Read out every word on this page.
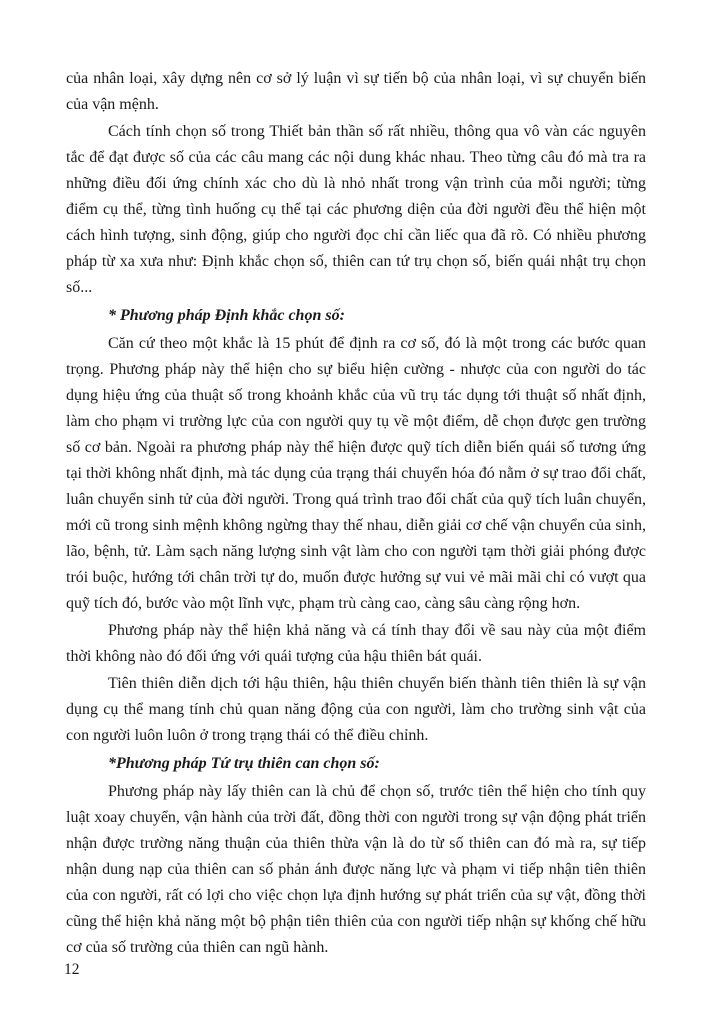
của nhân loại, xây dựng nên cơ sở lý luận vì sự tiến bộ của nhân loại, vì sự chuyển biến của vận mệnh.

Cách tính chọn số trong Thiết bản thần số rất nhiều, thông qua vô vàn các nguyên tắc để đạt được số của các câu mang các nội dung khác nhau. Theo từng câu đó mà tra ra những điều đối ứng chính xác cho dù là nhỏ nhất trong vận trình của mỗi người; từng điểm cụ thể, từng tình huống cụ thể tại các phương diện của đời người đều thể hiện một cách hình tượng, sinh động, giúp cho người đọc chỉ cần liếc qua đã rõ. Có nhiều phương pháp từ xa xưa như: Định khắc chọn số, thiên can tứ trụ chọn số, biến quái nhật trụ chọn số...

* Phương pháp Định khắc chọn số:

Căn cứ theo một khắc là 15 phút để định ra cơ số, đó là một trong các bước quan trọng. Phương pháp này thể hiện cho sự biểu hiện cường - nhược của con người do tác dụng hiệu ứng của thuật số trong khoảnh khắc của vũ trụ tác dụng tới thuật số nhất định, làm cho phạm vi trường lực của con người quy tụ về một điểm, dễ chọn được gen trường số cơ bản. Ngoài ra phương pháp này thể hiện được quỹ tích diễn biến quái số tương ứng tại thời không nhất định, mà tác dụng của trạng thái chuyển hóa đó nằm ở sự trao đổi chất, luân chuyển sinh tử của đời người. Trong quá trình trao đổi chất của quỹ tích luân chuyển, mới cũ trong sinh mệnh không ngừng thay thế nhau, diễn giải cơ chế vận chuyển của sinh, lão, bệnh, tử. Làm sạch năng lượng sinh vật làm cho con người tạm thời giải phóng được trói buộc, hướng tới chân trời tự do, muốn được hưởng sự vui vẻ mãi mãi chỉ có vượt qua quỹ tích đó, bước vào một lĩnh vực, phạm trù càng cao, càng sâu càng rộng hơn.

Phương pháp này thể hiện khả năng và cá tính thay đổi về sau này của một điểm thời không nào đó đối ứng với quái tượng của hậu thiên bát quái.

Tiên thiên diễn dịch tới hậu thiên, hậu thiên chuyển biến thành tiên thiên là sự vận dụng cụ thể mang tính chủ quan năng động của con người, làm cho trường sinh vật của con người luôn luôn ở trong trạng thái có thể điều chỉnh.

*Phương pháp Tứ trụ thiên can chọn số:

Phương pháp này lấy thiên can là chủ để chọn số, trước tiên thể hiện cho tính quy luật xoay chuyển, vận hành của trời đất, đồng thời con người trong sự vận động phát triển nhận được trường năng thuận của thiên thừa vận là do từ số thiên can đó mà ra, sự tiếp nhận dung nạp của thiên can số phản ánh được năng lực và phạm vi tiếp nhận tiên thiên của con người, rất có lợi cho việc chọn lựa định hướng sự phát triển của sự vật, đồng thời cũng thể hiện khả năng một bộ phận tiên thiên của con người tiếp nhận sự khống chế hữu cơ của số trường của thiên can ngũ hành.

12
